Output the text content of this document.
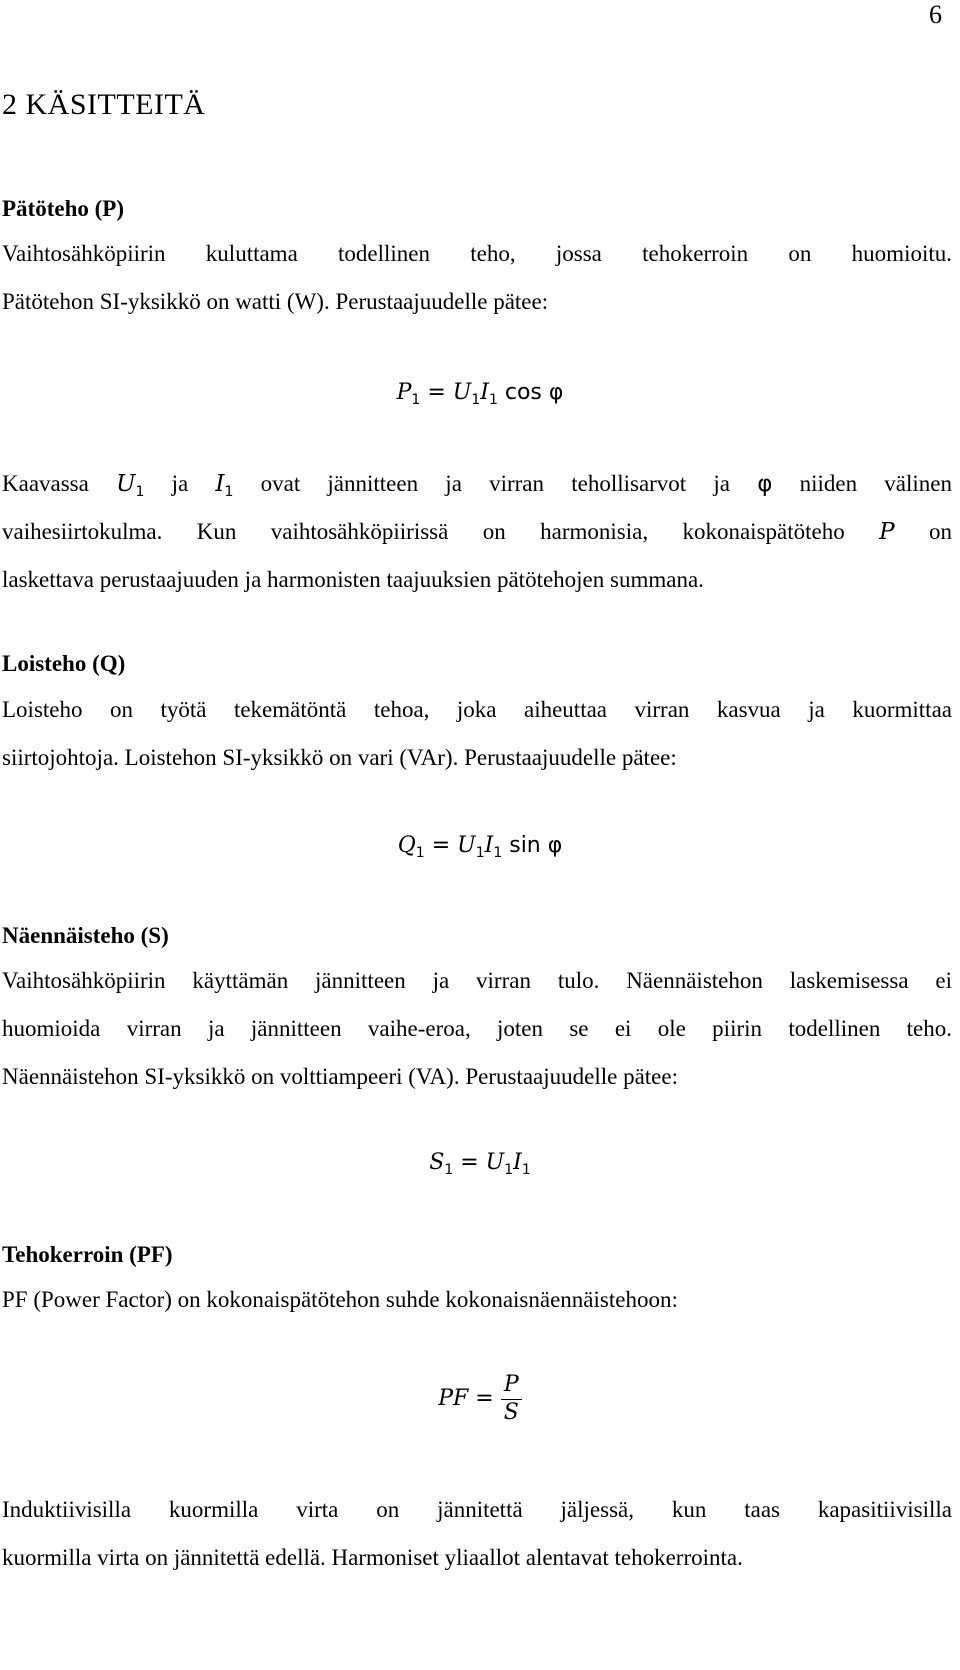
6
2 KÄSITTEITÄ
Pätöteho (P)
Vaihtosähköpiirin kuluttama todellinen teho, jossa tehokerroin on huomioitu.
Pätötehon SI-yksikkö on watti (W). Perustaajuudelle pätee:
$P_1 = U_1I_1$ cos φ
Kaavassa $U_1$ ja $I_1$ ovat jännitteen ja virran tehollisarvot ja φ niiden välinen
vaihesiirtokulma. Kun vaihtosähköpiirissä on harmonisia, kokonaispätöteho P on
laskettava perustaajuuden ja harmonisten taajuuksien pätötehojen summana.
Loisteho (Q)
Loisteho on työtä tekemätöntä tehoa, joka aiheuttaa virran kasvua ja kuormittaa
siirtojohtoja. Loistehon SI-yksikkö on vari (VAr). Perustaajuudelle pätee:
$Q_1 = U_1I_1$ sin φ
Näennäisteho (S)
Vaihtosähköpiirin käyttämän jännitteen ja virran tulo. Näennäistehon laskemisessa ei
huomioida virran ja jännitteen vaihe-eroa, joten se ei ole piirin todellinen teho.
Näennäistehon SI-yksikkö on volttiampeeri (VA). Perustaajuudelle pätee:
$S_1 = U_1I_1$
Tehokerroin (PF)
PF (Power Factor) on kokonaispätötehon suhde kokonaisnäennäistehoon:
PF = $\frac{P}{S}$
Induktiivisilla kuormilla virta on jännitettä jäljessä, kun taas kapasitiivisilla
kuormilla virta on jännitettä edellä. Harmoniset yliaallot alentavat tehokerrointa.
